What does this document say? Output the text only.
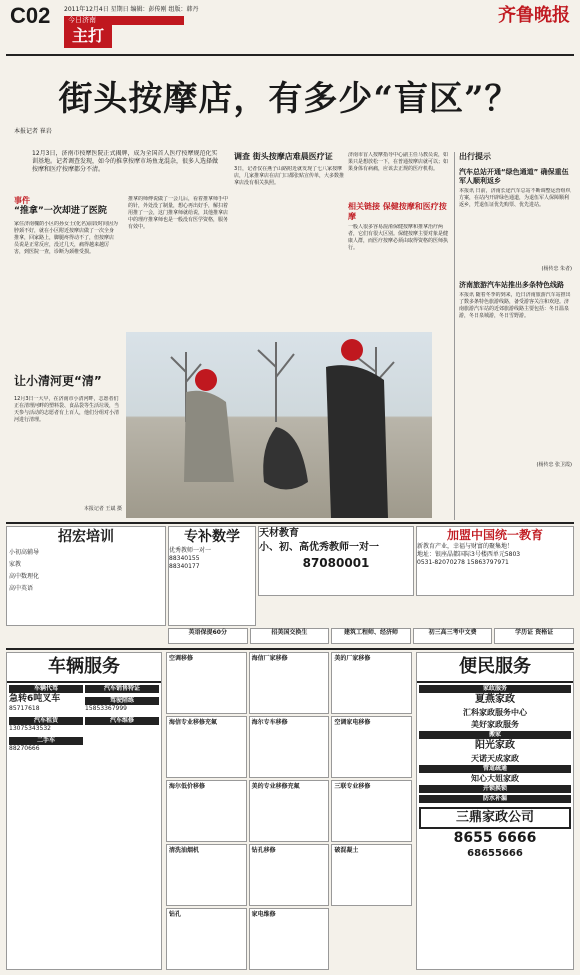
C02 2011年12月4日 星期日 编辑：彭传刚 组版：韩丹
今日济南
主打
齐鲁晚报
街头按摩店，有多少“盲区”？
本报记者 崔岩
12月3日，济南市按摩医院正式揭牌，成为全国首人医疗按摩规范化实训基地。记者调查发现，如今的推拿按摩市场鱼龙混杂，很多人选择做按摩和医疗按摩都分不清。
事件
“推拿”一次却进了医院
家住济南槐荫小区的孙女士(化名)前段时间因为脖颈不好，就在小区附近按摩店做了一次全身推拿，回家路上，脚腿疼得动不了，但按摩店员说是正常反应，没过几天，痛得越来越厉害，到医院一查，诊断为颈椎受损。
推拿的师傅说做了一会儿后，看着推拿师手中的针，外处没了制量，想心再出好手，解扫着用推了一会，这门推拿师就给说，其他推拿店中的理疗推拿师也是一般没有医学资格，服务有效中。
调查 街头按摩店难晨医疗证
3日，记者仅在燕子山路附近就发现了七八家按摩店，几家推拿店在店门口都张贴宣传单，大多数推拿店没有相关执照。
济南市盲人按摩指导中心副主任马教员说，如果只是想放松一下，在普通按摩店就可以；如果身体有病痛，应该去正规的医疗机构。
相关链接 保健按摩和医疗按摩
一般人很多容易混淆保健按摩和推拿治疗两者，它们有很大区别。保健按摩主要对象是健康人群，而医疗按摩必须由取得资格的医师执行。
出行提示
汽车总站开通“绿色通道” 确保重伍军人顺利返乡
本报讯 日前，济南长途汽车总站不断调整运营组织方案，在站内开辟绿色通道，为退伍军人保障顺利返乡，凭退伍证优先购票、优先进站。
(杨传忠 朱者)
济南旅游汽车站推出多条特色线路
本报讯 随着冬季的到来，近日济南旅游汽车站推出了数多条特色旅游线路，备受游客关注和欢迎。济南旅游汽车站的近郊旅游线路主要包括：冬日温泉游，冬日泉城游，冬日雪野游。
(杨传忠 张卫霞)
让小清河更“清”
12月3日一大早，在济南市小清河畔，志愿者们正在清理河畔的塑料袋、食品袋等生活垃圾，当天参与活动的志愿者有上百人，他们分组对小清河进行清理。
本报记者 王斌 摄
招宏培训
小初高辅导
家教
高中数理化
高中英语
专补数学
优秀教师一对一
88340155
88340177
天材教育
小、初、高优秀教师一对一
87080001
加盟中国统一教育
新教育产业，幸福与财富的聚集地！
地址：银座晶都国际3号楼西单元5803
0531-82070278 15863797971
英语保提60分	招美国交换生	建筑工程师、经济师	初三高三考中文费	学历证 资格证
车辆服务
车辆代驾
急转6吨叉车
85717618
汽车租赁
13075343532
二手车
88270666
汽车销售特证
驾驶陪练
15853367999
汽车维修
空调移修	海信厂家移修	美的厂家移修
海信专业移修充氟	海尔专车移修	空调家电移修
海尔低价移修	美的专业移修充氟	三联专业移修
清洗油烟机	钻孔移修	破混凝土
钻孔	家电维修
便民服务
家政服务
夏燕家政
汇科家政服务中心
美好家政服务
搬家
阳光家政
天诺天成家政
管道疏通
知心大姐家政
开锁换锁
防水补漏
三鼎家政公司
8655 6666
68655666
